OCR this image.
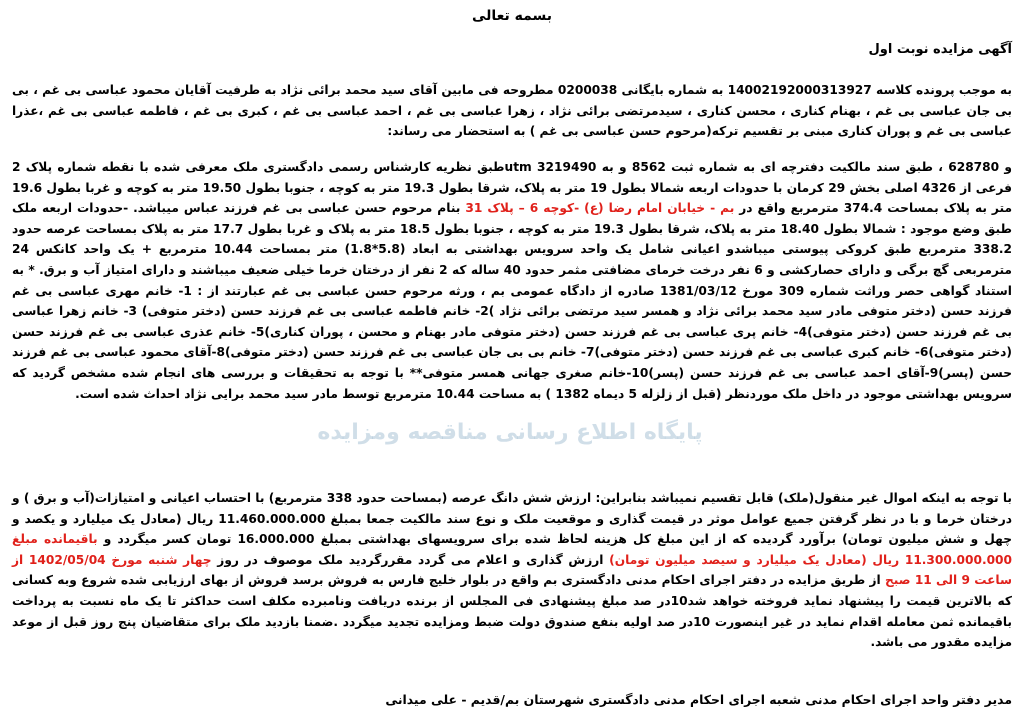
بسمه تعالی
آگهی مزایده نوبت اول
به موجب پرونده کلاسه 14002192000313927 به شماره بایگانی 0200038 مطروحه فی مابین آقای سید محمد برائی نژاد به طرفیت آقایان محمود عباسی بی غم ، بی بی جان عباسی بی غم ، بهنام کناری ، محسن کناری ، سیدمرتضی برائی نژاد ، زهرا عباسی بی غم ، احمد عباسی بی غم ، کبری بی غم ، فاطمه عباسی بی غم ،عذرا عباسی بی غم و پوران کناری مبنی بر تقسیم ترکه(مرحوم حسن عباسی بی غم ) به استحضار می رساند:
و 628780 ، طبق سند مالکیت دفترچه ای به شماره ثبت 8562 و به 3219490 utmطبق نظریه کارشناس رسمی دادگستری ملک معرفی شده با نقطه شماره پلاک 2 فرعی از 4326 اصلی بخش 29 کرمان با حدودات اربعه شمالا بطول 19 متر به پلاک، شرقا بطول 19.3 متر به کوچه ، جنوبا بطول 19.50 متر به کوچه و غربا بطول 19.6 متر به پلاک بمساحت 374.4 مترمربع واقع در بم - خیابان امام رضا (ع) -کوچه 6 – پلاک 31 بنام مرحوم حسن عباسی بی غم فرزند عباس میباشد. -حدودات اربعه ملک طبق وضع موجود : شمالا بطول 18.40 متر به پلاک، شرقا بطول 19.3 متر به کوچه ، جنوبا بطول 18.5 متر به پلاک و غربا بطول 17.7 متر به پلاک بمساحت عرصه حدود 338.2 مترمربع طبق کروکی پیوستی میباشدو اعیانی شامل یک واحد سرویس بهداشتی به ابعاد (5.8*1.8) متر بمساحت 10.44 مترمربع + یک واحد کانکس 24 مترمربعی گچ برگی و دارای حصارکشی و 6 نفر درخت خرمای مضافتی مثمر حدود 40 ساله که 2 نفر از درختان خرما خیلی ضعیف میباشند و دارای امتیاز آب و برق. * به استناد گواهی حصر وراثت شماره 309 مورخ 1381/03/12 صادره از دادگاه عمومی بم ، ورثه مرحوم حسن عباسی بی غم عبارتند از : 1- خانم مهری عباسی بی غم فرزند حسن (دختر متوفی مادر سید محمد برائی نژاد و همسر سید مرتضی برائی نژاد )2- خانم فاطمه عباسی بی غم فرزند حسن (دختر متوفی) 3- خانم زهرا عباسی بی غم فرزند حسن (دختر متوفی)4- خانم پری عباسی بی غم فرزند حسن (دختر متوفی مادر بهنام و محسن ، پوران کناری)5- خانم عذری عباسی بی غم فرزند حسن (دختر متوفی)6- خانم کبری عباسی بی غم فرزند حسن (دختر متوفی)7- خانم بی بی جان عباسی بی غم فرزند حسن (دختر متوفی)8-آقای محمود عباسی بی غم فرزند حسن (پسر)9-آقای احمد عباسی بی غم فرزند حسن (پسر)10-خانم صغری جهانی همسر متوفی** با توجه به تحقیقات و بررسی های انجام شده مشخص گردید که سرویس بهداشتی موجود در داخل ملک موردنظر (قبل از زلزله 5 دیماه 1382 ) به مساحت 10.44 مترمربع توسط مادر سید محمد برایی نژاد احداث شده است.
پایگاه اطلاع رسانی مناقصه ومزایده
با توجه به اینکه اموال غیر منقول(ملک) قابل تقسیم نمیباشد بنابراین: ارزش شش دانگ عرصه (بمساحت حدود 338 مترمربع) با احتساب اعیانی و امتیازات(آب و برق ) و درختان خرما و با در نظر گرفتن جمیع عوامل موثر در قیمت گذاری و موقعیت ملک و نوع سند مالکیت جمعا بمبلغ 11.460.000.000 ریال (معادل یک میلیارد و یکصد و چهل و شش میلیون تومان) برآورد گردیده که از این مبلغ کل هزینه لحاظ شده برای سرویسهای بهداشتی بمبلغ 16.000.000 تومان کسر میگردد و باقیمانده مبلغ 11.300.000.000 ریال (معادل یک میلیارد و سیصد میلیون تومان) ارزش گذاری و اعلام می گردد مقررگردید ملک موصوف در روز چهار شنبه مورخ 1402/05/04 از ساعت 9 الی 11 صبح از طریق مزایده در دفتر اجرای احکام مدنی دادگستری بم واقع در بلوار خلیج فارس به فروش برسد فروش از بهای ارزیابی شده شروع وبه کسانی که بالاترین قیمت را پیشنهاد نماید فروخته خواهد شد10در صد مبلغ پیشنهادی فی المجلس از برنده دریافت ونامبرده مکلف است حداکثر تا یک ماه نسبت به پرداخت باقیمانده ثمن معامله اقدام نماید در غیر اینصورت 10در صد اولیه بنفع صندوق دولت ضبط ومزایده تجدید میگردد .ضمنا بازدید ملک برای متقاضیان پنج روز قبل از موعد مزایده مقدور می باشد.
مدیر دفتر واحد اجرای احکام مدنی شعبه اجرای احکام مدنی دادگستری شهرستان بم/قدیم - علی میدانی
